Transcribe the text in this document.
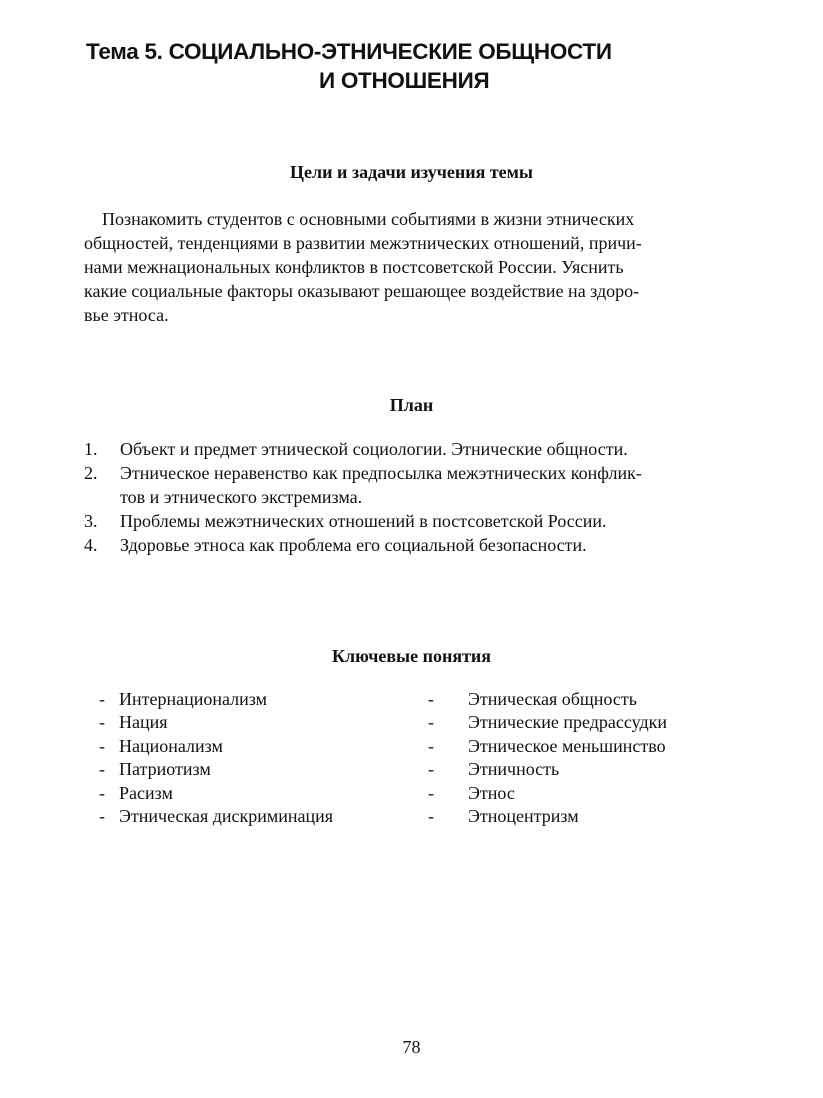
Тема 5. СОЦИАЛЬНО-ЭТНИЧЕСКИЕ ОБЩНОСТИ
И ОТНОШЕНИЯ
Цели и задачи изучения темы

Познакомить студентов с основными событиями в жизни этнических
общностей, тенденциями в развитии межэтнических отношений, причи-
нами межнациональных конфликтов в постсоветской России. Уяснить
какие социальные факторы оказывают решающее воздействие на здоро-
вье этноса.

План
1. Объект и предмет этнической социологии. Этнические общности.
2. Этническое неравенство как предпосылка межэтнических конфлик-
тов и этнического экстремизма.
3. Проблемы межэтнических отношений в постсоветской России.
4. Здоровье этноса как проблема его социальной безопасности.
Ключевые понятия
- Интернационализм
- Нация
- Национализм
- Патриотизм
- Расизм
- Этническая дискриминация
- Этническая общность
- Этнические предрассудки
- Этническое меньшинство
- Этничность
- Этнос
- Этноцентризм
78
